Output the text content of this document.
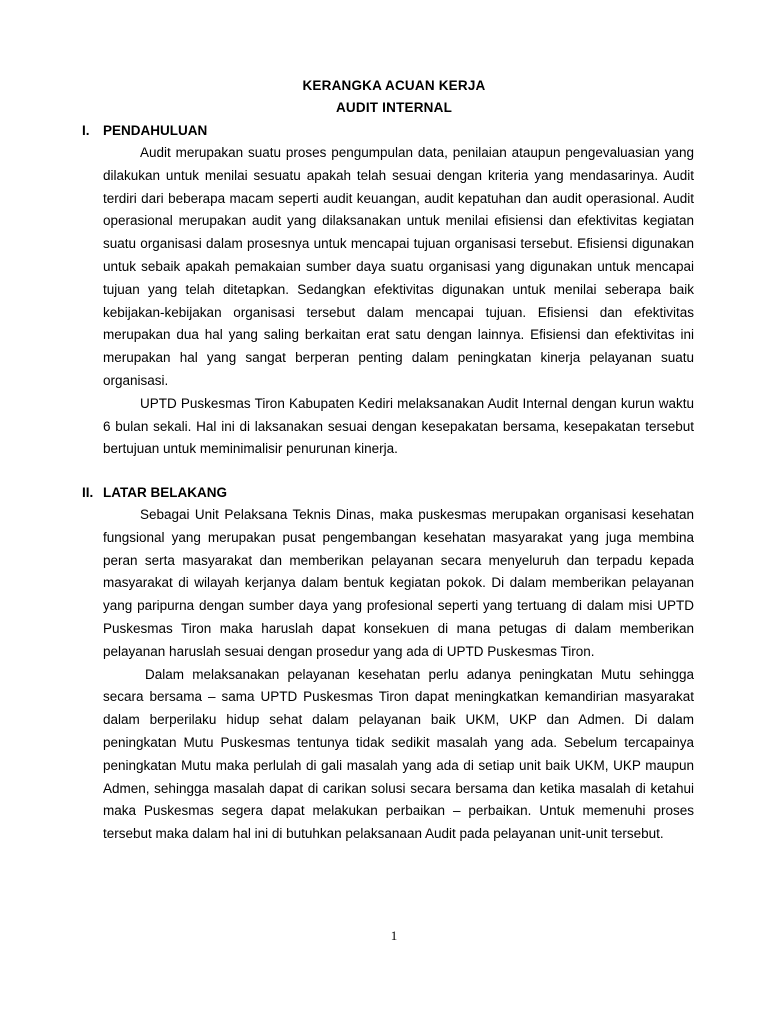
KERANGKA ACUAN KERJA
AUDIT INTERNAL
I. PENDAHULUAN

Audit merupakan suatu proses pengumpulan data, penilaian ataupun pengevaluasian yang dilakukan untuk menilai sesuatu apakah telah sesuai dengan kriteria yang mendasarinya. Audit terdiri dari beberapa macam seperti audit keuangan, audit kepatuhan dan audit operasional. Audit operasional merupakan audit yang dilaksanakan untuk menilai efisiensi dan efektivitas kegiatan suatu organisasi dalam prosesnya untuk mencapai tujuan organisasi tersebut. Efisiensi digunakan untuk sebaik apakah pemakaian sumber daya suatu organisasi yang digunakan untuk mencapai tujuan yang telah ditetapkan. Sedangkan efektivitas digunakan untuk menilai seberapa baik kebijakan-kebijakan organisasi tersebut dalam mencapai tujuan. Efisiensi dan efektivitas merupakan dua hal yang saling berkaitan erat satu dengan lainnya. Efisiensi dan efektivitas ini merupakan hal yang sangat berperan penting dalam peningkatan kinerja pelayanan suatu organisasi.

UPTD Puskesmas Tiron Kabupaten Kediri melaksanakan Audit Internal dengan kurun waktu 6 bulan sekali. Hal ini di laksanakan sesuai dengan kesepakatan bersama, kesepakatan tersebut bertujuan untuk meminimalisir penurunan kinerja.

II. LATAR BELAKANG

Sebagai Unit Pelaksana Teknis Dinas, maka puskesmas merupakan organisasi kesehatan fungsional yang merupakan pusat pengembangan kesehatan masyarakat yang juga membina peran serta masyarakat dan memberikan pelayanan secara menyeluruh dan terpadu kepada masyarakat di wilayah kerjanya dalam bentuk kegiatan pokok. Di dalam memberikan pelayanan yang paripurna dengan sumber daya yang profesional seperti yang tertuang di dalam misi UPTD Puskesmas Tiron maka haruslah dapat konsekuen di mana petugas di dalam memberikan pelayanan haruslah sesuai dengan prosedur yang ada di UPTD Puskesmas Tiron.

Dalam melaksanakan pelayanan kesehatan perlu adanya peningkatan Mutu sehingga secara bersama – sama UPTD Puskesmas Tiron dapat meningkatkan kemandirian masyarakat dalam berperilaku hidup sehat dalam pelayanan baik UKM, UKP dan Admen. Di dalam peningkatan Mutu Puskesmas tentunya tidak sedikit masalah yang ada. Sebelum tercapainya peningkatan Mutu maka perlulah di gali masalah yang ada di setiap unit baik UKM, UKP maupun Admen, sehingga masalah dapat di carikan solusi secara bersama dan ketika masalah di ketahui maka Puskesmas segera dapat melakukan perbaikan – perbaikan. Untuk memenuhi proses tersebut maka dalam hal ini di butuhkan pelaksanaan Audit pada pelayanan unit-unit tersebut.

1
